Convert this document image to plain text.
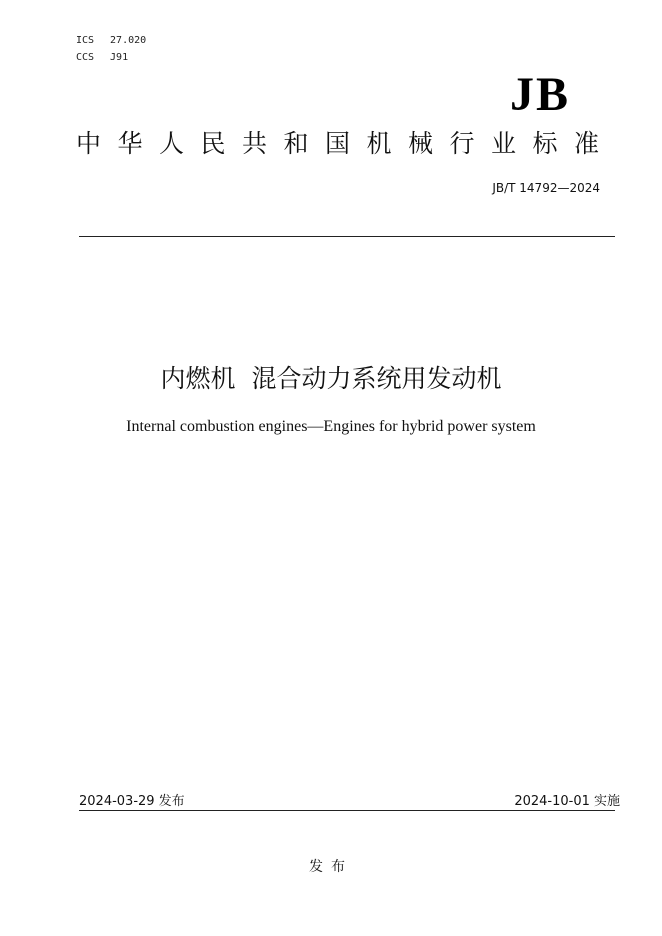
ICS 27.020
CCS J91
JB
中华人民共和国机械行业标准
JB/T 14792—2024
内燃机  混合动力系统用发动机
Internal combustion engines—Engines for hybrid power system
2024-03-29 发布	2024-10-01 实施
发布
